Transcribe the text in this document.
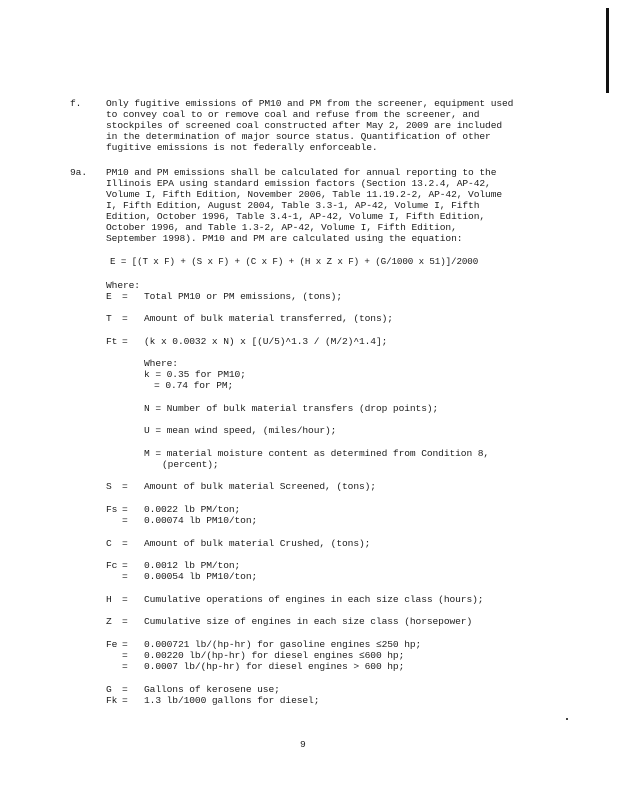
f.	Only fugitive emissions of PM10 and PM from the screener, equipment used
to convey coal to or remove coal and refuse from the screener, and
stockpiles of screened coal constructed after May 2, 2009 are included
in the determination of major source status. Quantification of other
fugitive emissions is not federally enforceable.
9a. PM10 and PM emissions shall be calculated for annual reporting to the
Illinois EPA using standard emission factors (Section 13.2.4, AP-42,
Volume I, Fifth Edition, November 2006, Table 11.19.2-2, AP-42, Volume
I, Fifth Edition, August 2004, Table 3.3-1, AP-42, Volume I, Fifth
Edition, October 1996, Table 3.4-1, AP-42, Volume I, Fifth Edition,
October 1996, and Table 1.3-2, AP-42, Volume I, Fifth Edition,
September 1998). PM10 and PM are calculated using the equation:
E = [(T x F) + (S x F) + (C x F) + (H x Z x F) + (G/1000 x 51)]/2000
Where:
E = Total PM10 or PM emissions, (tons);
T = Amount of bulk material transferred, (tons);
Ft = (k x 0.0032 x N) x [(U/5)^1.3 / (M/2)^1.4];
Where:
k = 0.35 for PM10;
= 0.74 for PM;
N = Number of bulk material transfers (drop points);
U = mean wind speed, (miles/hour);
M = material moisture content as determined from Condition 8,
(percent);
S = Amount of bulk material Screened, (tons);
Fs = 0.0022 lb PM/ton;
= 0.00074 lb PM10/ton;
C = Amount of bulk material Crushed, (tons);
Fc = 0.0012 lb PM/ton;
= 0.00054 lb PM10/ton;
H = Cumulative operations of engines in each size class (hours);
Z = Cumulative size of engines in each size class (horsepower)
Fe = 0.000721 lb/(hp-hr) for gasoline engines ≤250 hp;
= 0.00220 lb/(hp-hr) for diesel engines ≤600 hp;
= 0.0007 lb/(hp-hr) for diesel engines > 600 hp;
G = Gallons of kerosene use;
Fk = 1.3 lb/1000 gallons for diesel;
9
